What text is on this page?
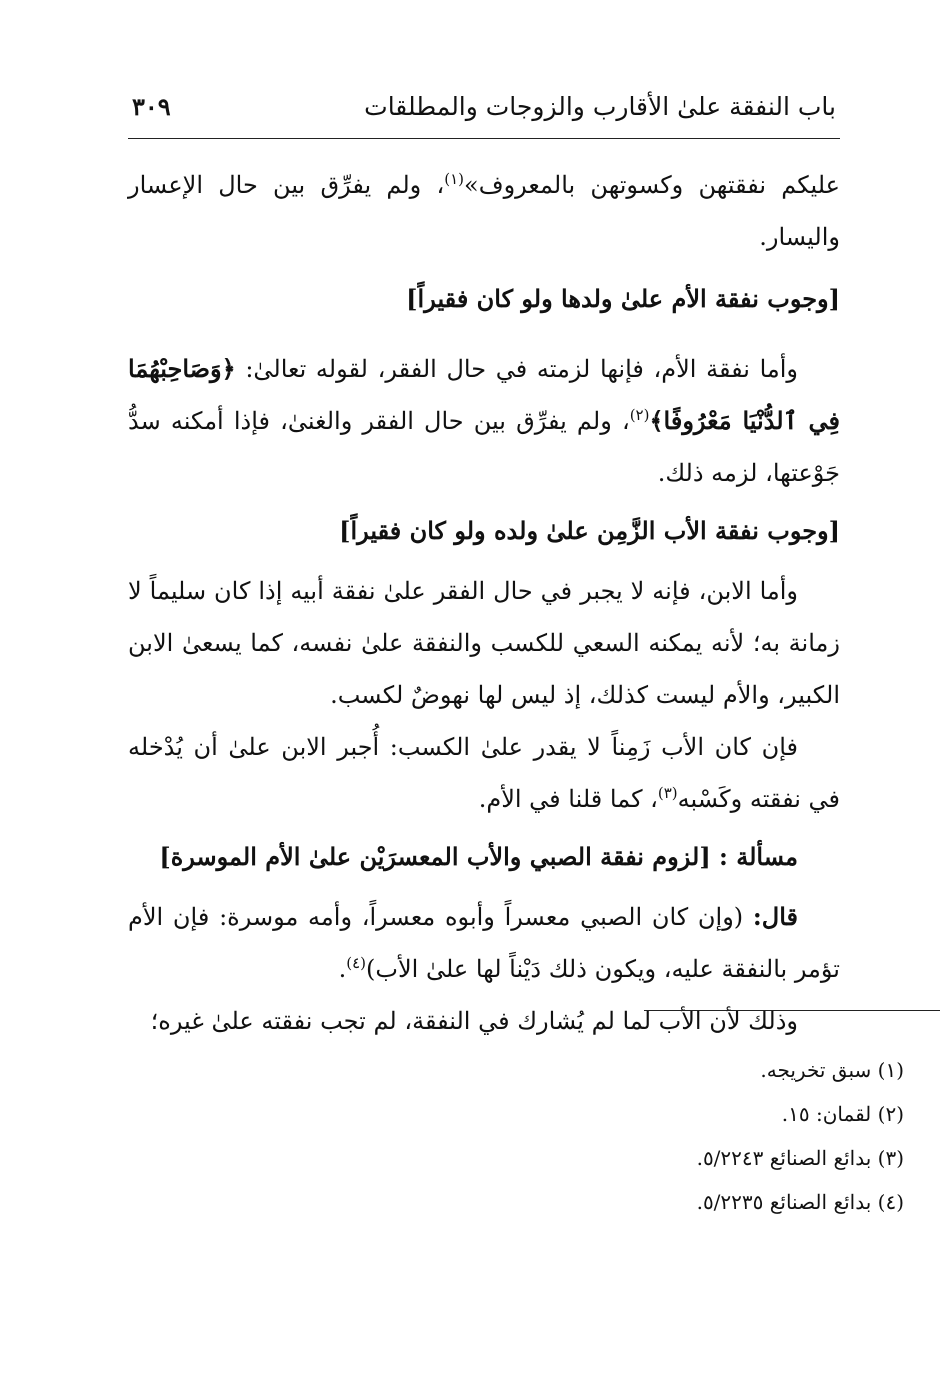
باب النفقة علىٰ الأقارب والزوجات والمطلقات
٣٠٩

عليكم نفقتهن وكسوتهن بالمعروف»$^{(١)}$، ولم يفرِّق بين حال الإعسار واليسار.

[وجوب نفقة الأم علىٰ ولدها ولو كان فقيراً]

وأما نفقة الأم، فإنها لزمته في حال الفقر، لقوله تعالىٰ: ﴿وَصَاحِبْهُمَا فِي ٱلدُّنْيَا مَعْرُوفًا﴾$^{(٢)}$، ولم يفرِّق بين حال الفقر والغنىٰ، فإذا أمكنه سدُّ جَوْعتها، لزمه ذلك.

[وجوب نفقة الأب الزَّمِن علىٰ ولده ولو كان فقيراً]

وأما الابن، فإنه لا يجبر في حال الفقر علىٰ نفقة أبيه إذا كان سليماً لا زمانة به؛ لأنه يمكنه السعي للكسب والنفقة علىٰ نفسه، كما يسعىٰ الابن الكبير، والأم ليست كذلك، إذ ليس لها نهوضٌ لكسب.

فإن كان الأب زَمِناً لا يقدر علىٰ الكسب: أُجبر الابن علىٰ أن يُدْخله في نفقته وكَسْبه$^{(٣)}$، كما قلنا في الأم.

مسألة : [لزوم نفقة الصبي والأب المعسرَيْن علىٰ الأم الموسرة]

قال: (وإن كان الصبي معسراً وأبوه معسراً، وأمه موسرة: فإن الأم تؤمر بالنفقة عليه، ويكون ذلك دَيْناً لها علىٰ الأب)$^{(٤)}$.

وذلك لأن الأب لما لم يُشارك في النفقة، لم تجب نفقته علىٰ غيره؛

(١) سبق تخريجه.
(٢) لقمان: ١٥.
(٣) بدائع الصنائع ٥/٢٢٤٣.
(٤) بدائع الصنائع ٥/٢٢٣٥.
